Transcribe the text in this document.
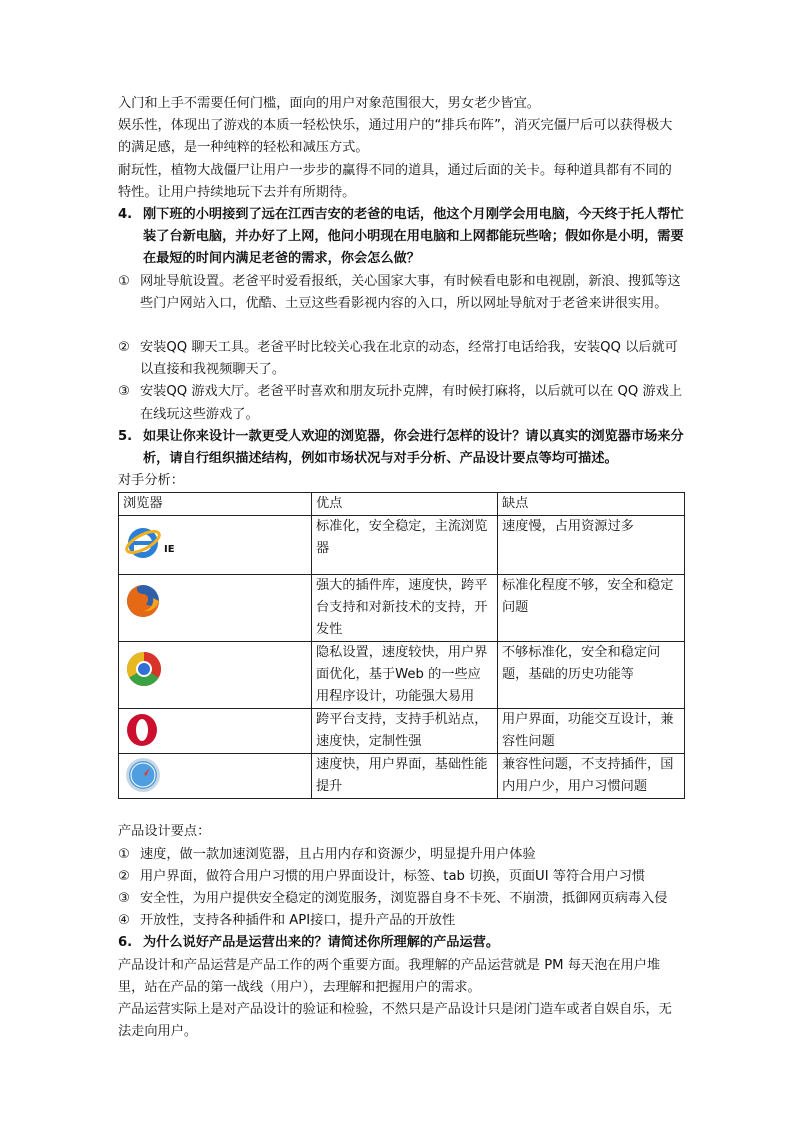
入门和上手不需要任何门槛，面向的用户对象范围很大，男女老少皆宜。

娱乐性，体现出了游戏的本质一轻松快乐，通过用户的“排兵布阵”，消灭完僵尸后可以获得极大的满足感，是一种纯粹的轻松和减压方式。

耐玩性，植物大战僵尸让用户一步步的赢得不同的道具，通过后面的关卡。每种道具都有不同的特性。让用户持续地玩下去并有所期待。

4. 刚下班的小明接到了远在江西吉安的老爸的电话，他这个月刚学会用电脑，今天终于托人帮忙装了台新电脑，并办好了上网，他问小明现在用电脑和上网都能玩些啥；假如你是小明，需要在最短的时间内满足老爸的需求，你会怎么做？
① 网址导航设置。老爸平时爱看报纸，关心国家大事，有时候看电影和电视剧，新浪、搜狐等这些门户网站入口，优酷、土豆这些看影视内容的入口，所以网址导航对于老爸来讲很实用。
② 安装QQ 聊天工具。老爸平时比较关心我在北京的动态，经常打电话给我，安装QQ 以后就可以直接和我视频聊天了。
③ 安装QQ 游戏大厅。老爸平时喜欢和朋友玩扑克牌，有时候打麻将，以后就可以在 QQ 游戏上在线玩这些游戏了。
5. 如果让你来设计一款更受人欢迎的浏览器，你会进行怎样的设计？请以真实的浏览器市场来分析，请自行组织描述结构，例如市场状况与对手分析、产品设计要点等均可描述。

对手分析：

浏览器	优点	缺点

IE	标准化，安全稳定，主流浏览器	速度慢，占用资源过多

	强大的插件库，速度快，跨平台支持和对新技术的支持，开发性	标准化程度不够，安全和稳定问题

	隐私设置，速度较快，用户界面优化，基于Web 的一些应用程序设计，功能强大易用	不够标准化，安全和稳定问题，基础的历史功能等

	跨平台支持，支持手机站点，速度快，定制性强	用户界面，功能交互设计，兼容性问题

	速度快，用户界面，基础性能提升	兼容性问题，不支持插件，国内用户少，用户习惯问题

产品设计要点：

① 速度，做一款加速浏览器，且占用内存和资源少，明显提升用户体验
② 用户界面，做符合用户习惯的用户界面设计，标签、tab 切换，页面UI 等符合用户习惯
③ 安全性，为用户提供安全稳定的浏览服务，浏览器自身不卡死、不崩溃，抵御网页病毒入侵
④ 开放性，支持各种插件和 API接口，提升产品的开放性
6. 为什么说好产品是运营出来的？请简述你所理解的产品运营。

产品设计和产品运营是产品工作的两个重要方面。我理解的产品运营就是 PM 每天泡在用户堆里，站在产品的第一战线（用户），去理解和把握用户的需求。

产品运营实际上是对产品设计的验证和检验，不然只是产品设计只是闭门造车或者自娱自乐，无法走向用户。
